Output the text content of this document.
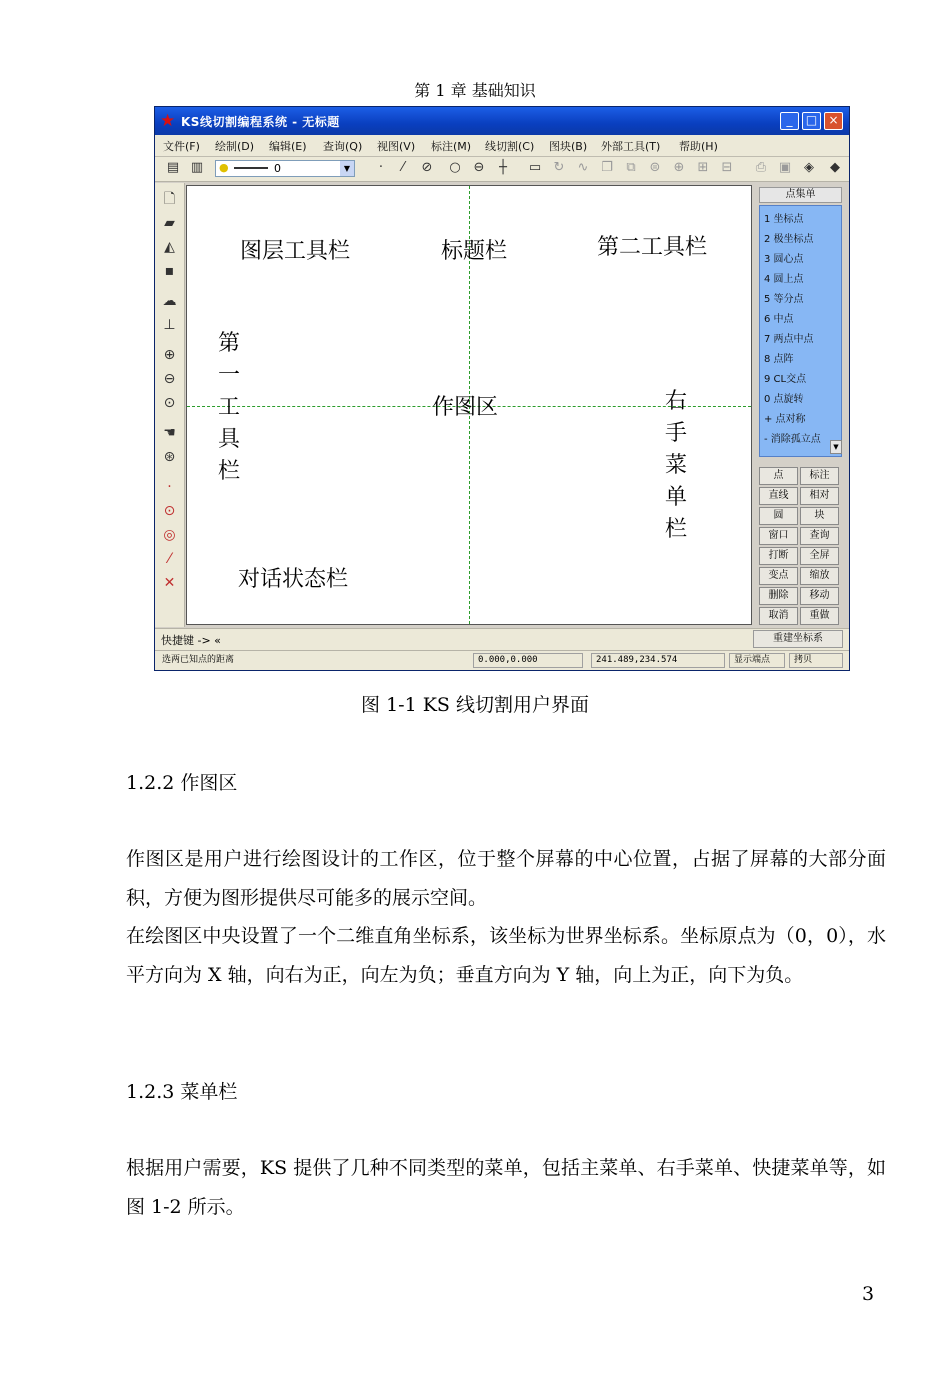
第 1 章 基础知识
★ KS线切割编程系统 - 无标题	_	□ ×
文件(F) 绘制(D) 编辑(E) 查询(Q) 视图(V) 标注(M) 线切割(C) 图块(B) 外部工具(T) 帮助(H)
▤ ▥ ●	0	▼	·	⁄	⊘ ○ ⊖	┼	▭ ↻ ∿ ❐ ⧉ ⊜ ⊕ ⊞ ⊟ ⎙ ▣ ◈ ◆
🗋
▰
◭
▪
☁
⊥
⊕
⊖
⊙
☚
⊛
·
⊙
◎
⁄
✕
图层工具栏	标题栏	第二工具栏
第一工具栏
作图区	右手菜单栏
对话状态栏
点集单
1 坐标点
2 极坐标点
3 圆心点
4 圆上点
5 等分点
6 中点
7 两点中点
8 点阵
9 CL交点
0 点旋转
+ 点对称
- 消除孤立点
▼
点	标注
直线	相对
圆	块
窗口	查询
打断	全屏
变点	缩放
删除	移动
取消	重做
快捷键 -> «	重建坐标系
选两已知点的距离	0.000,0.000	241.489,234.574	显示端点	拷贝
图 1-1 KS 线切割用户界面
1.2.2 作图区
作图区是用户进行绘图设计的工作区，位于整个屏幕的中心位置，占据了屏幕的大部分面积，方便为图形提供尽可能多的展示空间。
在绘图区中央设置了一个二维直角坐标系，该坐标为世界坐标系。坐标原点为（0，0），水平方向为 X 轴，向右为正，向左为负；垂直方向为 Y 轴，向上为正，向下为负。
1.2.3 菜单栏
根据用户需要，KS 提供了几种不同类型的菜单，包括主菜单、右手菜单、快捷菜单等，如图 1-2 所示。
3
